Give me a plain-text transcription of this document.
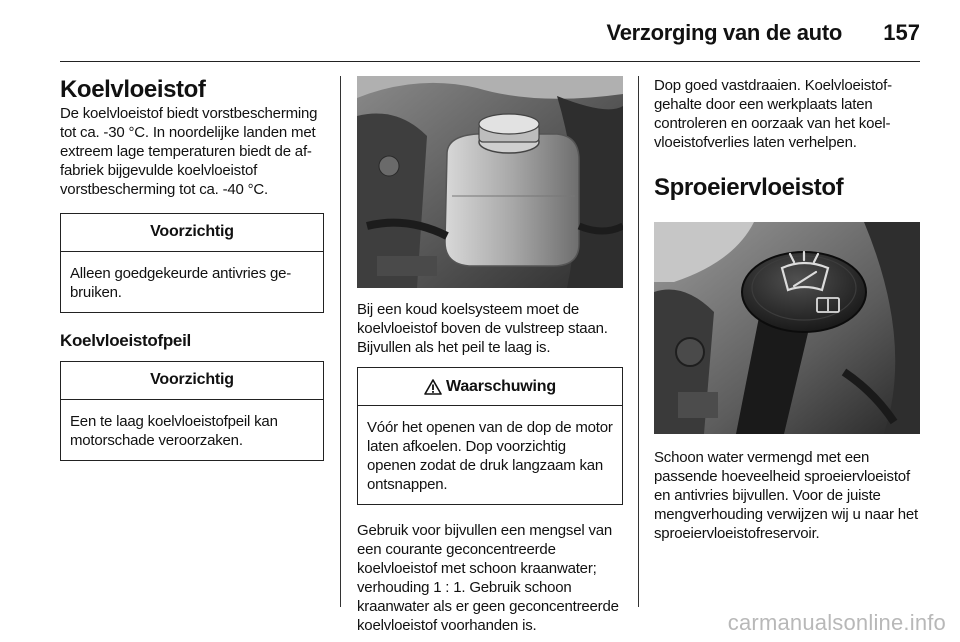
Verzorging van de auto 157
Koelvloeistof
De koelvloeistof biedt vorstbescherming tot ca. -30 °C. In noordelijke landen met extreem lage temperaturen biedt de af-fabriek bijgevulde koelvloeistof vorstbescherming tot ca. -40 °C.
Voorzichtig
Alleen goedgekeurde antivries gebruiken.
Koelvloeistofpeil
Voorzichtig
Een te laag koelvloeistofpeil kan motorschade veroorzaken.
Bij een koud koelsysteem moet de koelvloeistof boven de vulstreep staan. Bijvullen als het peil te laag is.
Waarschuwing
Vóór het openen van de dop de motor laten afkoelen. Dop voorzichtig openen zodat de druk langzaam kan ontsnappen.
Gebruik voor bijvullen een mengsel van een courante geconcentreerde koelvloeistof met schoon kraanwater; verhouding 1 : 1. Gebruik schoon kraanwater als er geen geconcentreerde koelvloeistof voorhanden is.
Dop goed vastdraaien. Koelvloeistofgehalte door een werkplaats laten controleren en oorzaak van het koelvloeistofverlies laten verhelpen.
Sproeiervloeistof
Schoon water vermengd met een passende hoeveelheid sproeiervloeistof en antivries bijvullen. Voor de juiste mengverhouding verwijzen wij u naar het sproeiervloeistofreservoir.
carmanualsonline.info
